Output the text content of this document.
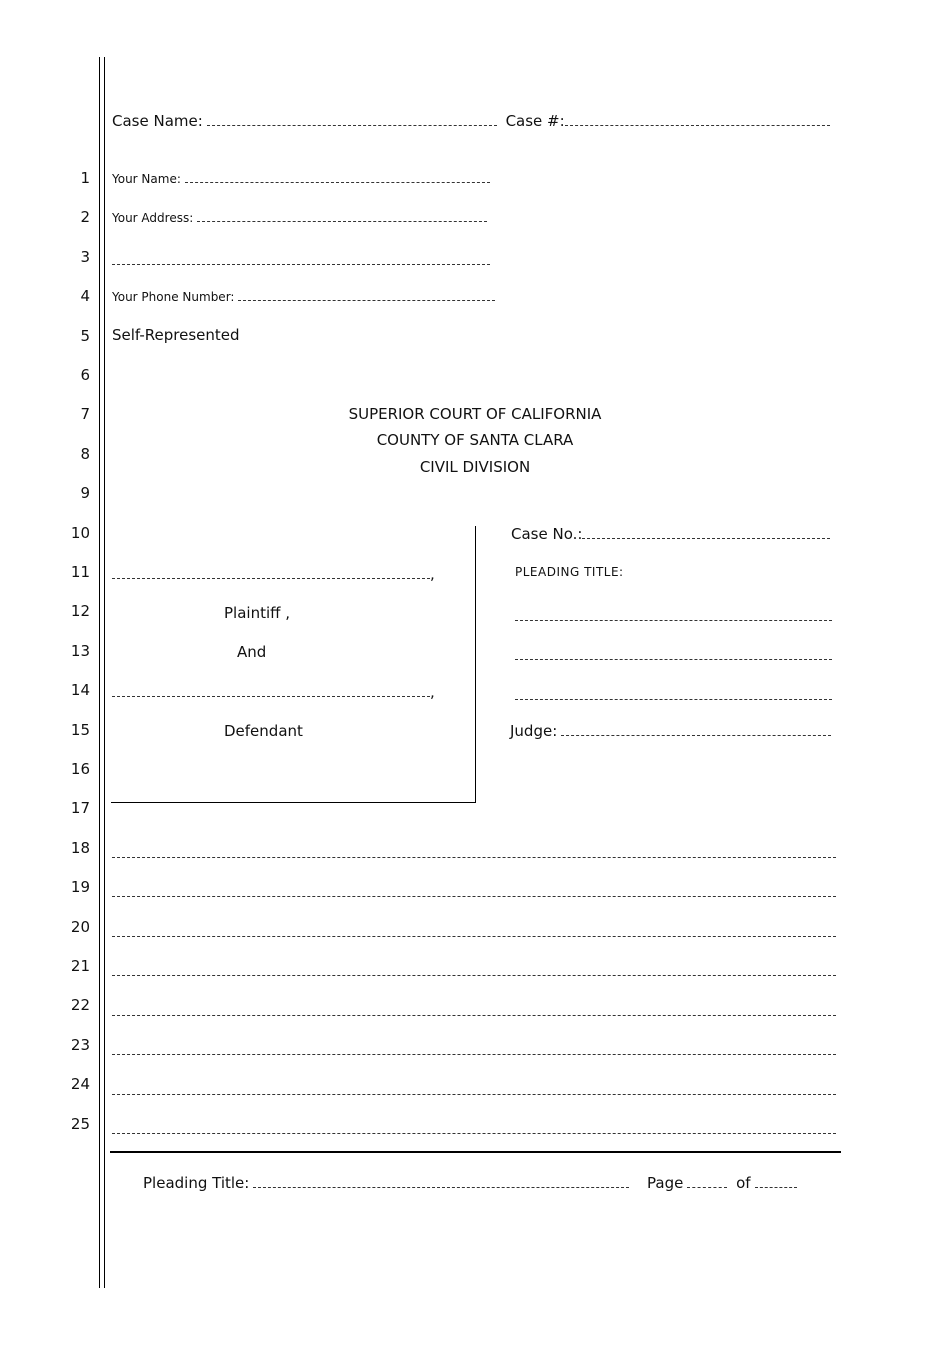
1
2
3
4
5
6
7
8
9
10
11
12
13
14
15
16
17
18
19
20
21
22
23
24
25
Case Name:	Case #:
Your Name:
Your Address:
Your Phone Number:
Self-Represented
SUPERIOR COURT OF CALIFORNIA
COUNTY OF SANTA CLARA
CIVIL DIVISION
,
Plaintiff ,
And
,
Defendant
Case No.:
PLEADING TITLE:
Judge:
Pleading Title:	Page	of
